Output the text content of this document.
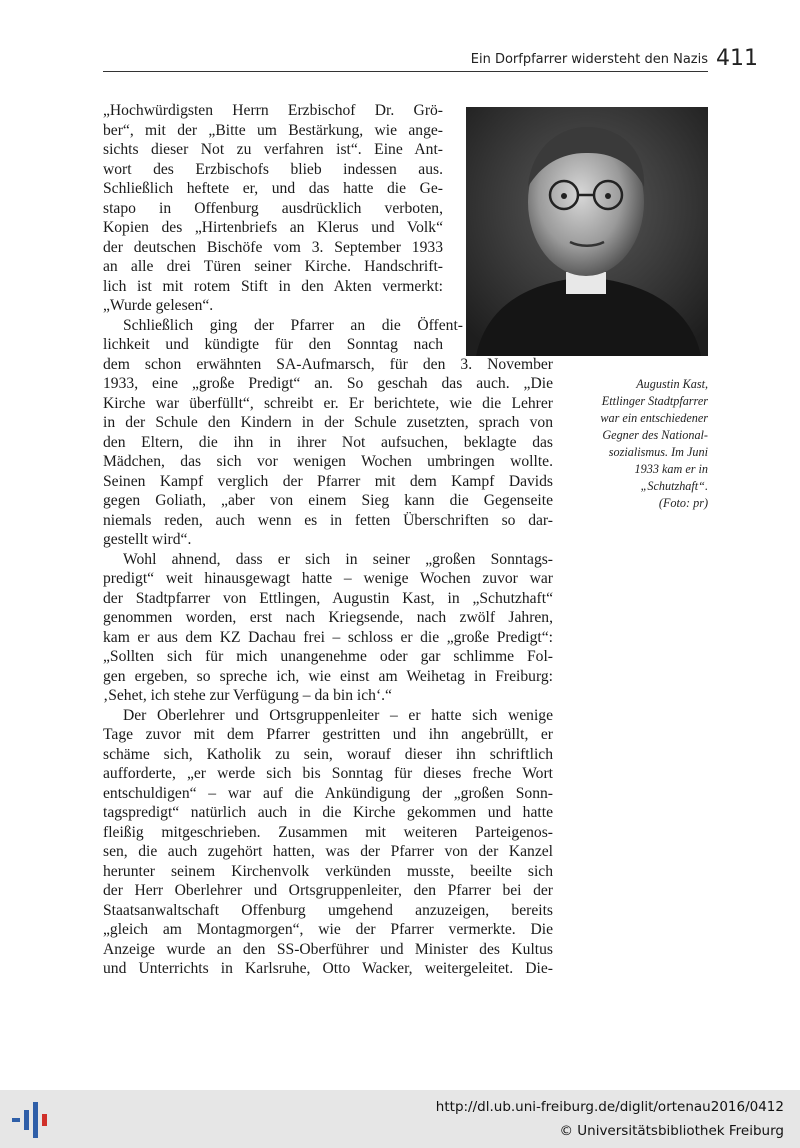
Ein Dorfpfarrer widersteht den Nazis 411
Augustin Kast,
Ettlinger Stadtpfarrer
war ein entschiedener
Gegner des National-
sozialismus. Im Juni
1933 kam er in
„Schutzhaft“.
(Foto: pr)
„Hochwürdigsten Herrn Erzbischof Dr. Grö-
ber“, mit der „Bitte um Bestärkung, wie ange-
sichts dieser Not zu verfahren ist“. Eine Ant-
wort des Erzbischofs blieb indessen aus.
Schließlich heftete er, und das hatte die Ge-
stapo in Offenburg ausdrücklich verboten,
Kopien des „Hirtenbriefs an Klerus und Volk“
der deutschen Bischöfe vom 3. September 1933
an alle drei Türen seiner Kirche. Handschrift-
lich ist mit rotem Stift in den Akten vermerkt:
„Wurde gelesen“.
Schließlich ging der Pfarrer an die Öffent-
lichkeit und kündigte für den Sonntag nach
dem schon erwähnten SA-Aufmarsch, für den 3. November
1933, eine „große Predigt“ an. So geschah das auch. „Die
Kirche war überfüllt“, schreibt er. Er berichtete, wie die Lehrer
in der Schule den Kindern in der Schule zusetzten, sprach von
den Eltern, die ihn in ihrer Not aufsuchen, beklagte das
Mädchen, das sich vor wenigen Wochen umbringen wollte.
Seinen Kampf verglich der Pfarrer mit dem Kampf Davids
gegen Goliath, „aber von einem Sieg kann die Gegenseite
niemals reden, auch wenn es in fetten Überschriften so dar-
gestellt wird“.
Wohl ahnend, dass er sich in seiner „großen Sonntags-
predigt“ weit hinausgewagt hatte – wenige Wochen zuvor war
der Stadtpfarrer von Ettlingen, Augustin Kast, in „Schutzhaft“
genommen worden, erst nach Kriegsende, nach zwölf Jahren,
kam er aus dem KZ Dachau frei – schloss er die „große Predigt“:
„Sollten sich für mich unangenehme oder gar schlimme Fol-
gen ergeben, so spreche ich, wie einst am Weihetag in Freiburg:
‚Sehet, ich stehe zur Verfügung – da bin ich‘.“
Der Oberlehrer und Ortsgruppenleiter – er hatte sich wenige
Tage zuvor mit dem Pfarrer gestritten und ihn angebrüllt, er
schäme sich, Katholik zu sein, worauf dieser ihn schriftlich
aufforderte, „er werde sich bis Sonntag für dieses freche Wort
entschuldigen“ – war auf die Ankündigung der „großen Sonn-
tagspredigt“ natürlich auch in die Kirche gekommen und hatte
fleißig mitgeschrieben. Zusammen mit weiteren Parteigenos-
sen, die auch zugehört hatten, was der Pfarrer von der Kanzel
herunter seinem Kirchenvolk verkünden musste, beeilte sich
der Herr Oberlehrer und Ortsgruppenleiter, den Pfarrer bei der
Staatsanwaltschaft Offenburg umgehend anzuzeigen, bereits
„gleich am Montagmorgen“, wie der Pfarrer vermerkte. Die
Anzeige wurde an den SS-Oberführer und Minister des Kultus
und Unterrichts in Karlsruhe, Otto Wacker, weitergeleitet. Die-
http://dl.ub.uni-freiburg.de/diglit/ortenau2016/0412
© Universitätsbibliothek Freiburg
